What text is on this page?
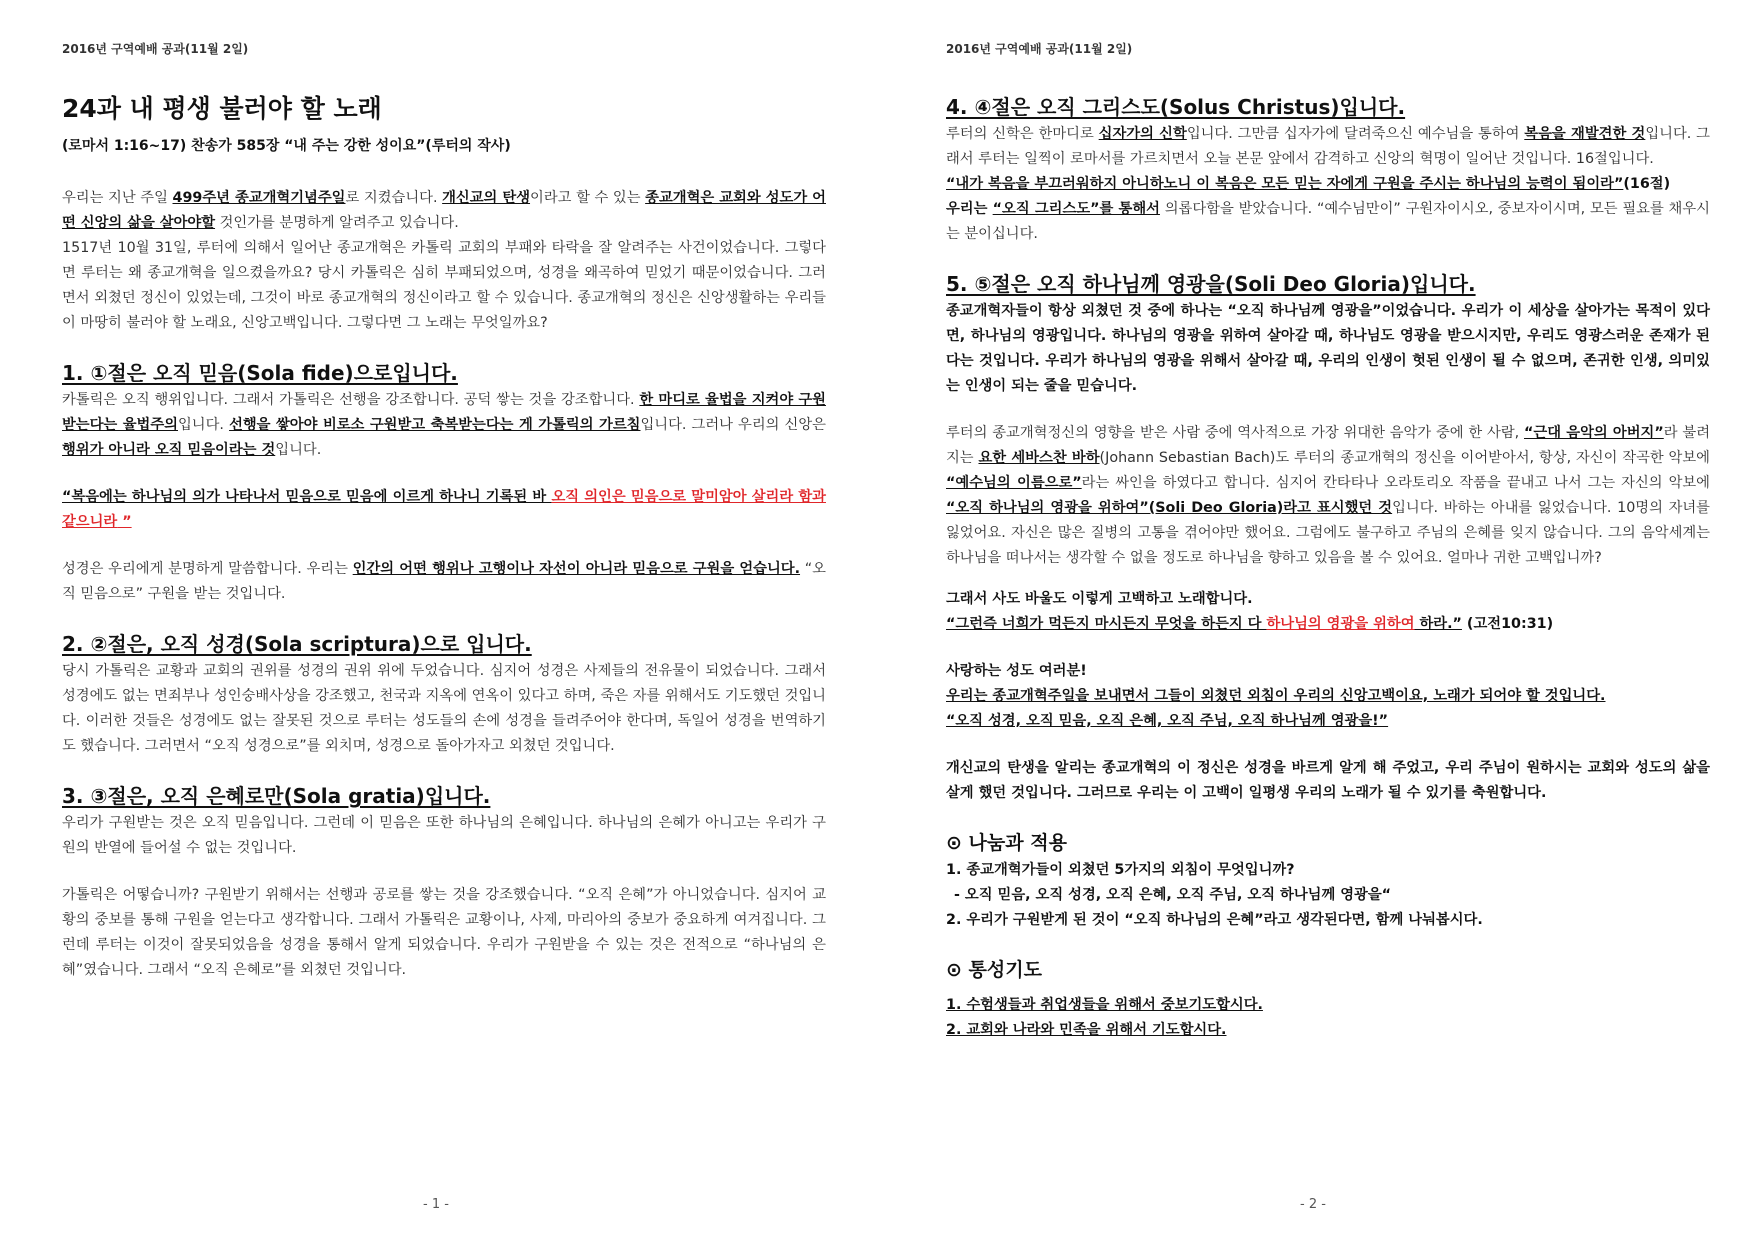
2016년 구역예배 공과(11월 2일)
24과 내 평생 불러야 할 노래
(로마서 1:16~17) 찬송가 585장 “내 주는 강한 성이요”(루터의 작사)

우리는 지난 주일 499주년 종교개혁기념주일로 지켰습니다. 개신교의 탄생이라고 할 수 있는 종교개혁은 교회와 성도가 어떤 신앙의 삶을 살아야할 것인가를 분명하게 알려주고 있습니다.

1517년 10월 31일, 루터에 의해서 일어난 종교개혁은 카톨릭 교회의 부패와 타락을 잘 알려주는 사건이었습니다. 그렇다면 루터는 왜 종교개혁을 일으켰을까요? 당시 카톨릭은 심히 부패되었으며, 성경을 왜곡하여 믿었기 때문이었습니다. 그러면서 외쳤던 정신이 있었는데, 그것이 바로 종교개혁의 정신이라고 할 수 있습니다. 종교개혁의 정신은 신앙생활하는 우리들이 마땅히 불러야 할 노래요, 신앙고백입니다. 그렇다면 그 노래는 무엇일까요?

1. ①절은 오직 믿음(Sola fide)으로입니다.

카톨릭은 오직 행위입니다. 그래서 가톨릭은 선행을 강조합니다. 공덕 쌓는 것을 강조합니다. 한 마디로 율법을 지켜야 구원 받는다는 율법주의입니다. 선행을 쌓아야 비로소 구원받고 축복받는다는 게 가톨릭의 가르침입니다. 그러나 우리의 신앙은 행위가 아니라 오직 믿음이라는 것입니다.

“복음에는 하나님의 의가 나타나서 믿음으로 믿음에 이르게 하나니 기록된 바 오직 의인은 믿음으로 말미암아 살리라 함과 같으니라 ”

성경은 우리에게 분명하게 말씀합니다. 우리는 인간의 어떤 행위나 고행이나 자선이 아니라 믿음으로 구원을 얻습니다. “오직 믿음으로” 구원을 받는 것입니다.

2. ②절은, 오직 성경(Sola scriptura)으로 입니다.

당시 가톨릭은 교황과 교회의 권위를 성경의 권위 위에 두었습니다. 심지어 성경은 사제들의 전유물이 되었습니다. 그래서 성경에도 없는 면죄부나 성인숭배사상을 강조했고, 천국과 지옥에 연옥이 있다고 하며, 죽은 자를 위해서도 기도했던 것입니다. 이러한 것들은 성경에도 없는 잘못된 것으로 루터는 성도들의 손에 성경을 들려주어야 한다며, 독일어 성경을 번역하기도 했습니다. 그러면서 “오직 성경으로”를 외치며, 성경으로 돌아가자고 외쳤던 것입니다.

3. ③절은, 오직 은혜로만(Sola gratia)입니다.

우리가 구원받는 것은 오직 믿음입니다. 그런데 이 믿음은 또한 하나님의 은혜입니다. 하나님의 은혜가 아니고는 우리가 구원의 반열에 들어설 수 없는 것입니다.

가톨릭은 어떻습니까? 구원받기 위해서는 선행과 공로를 쌓는 것을 강조했습니다. “오직 은혜”가 아니었습니다. 심지어 교황의 중보를 통해 구원을 얻는다고 생각합니다. 그래서 가톨릭은 교황이나, 사제, 마리아의 중보가 중요하게 여겨집니다. 그런데 루터는 이것이 잘못되었음을 성경을 통해서 알게 되었습니다. 우리가 구원받을 수 있는 것은 전적으로 “하나님의 은혜”였습니다. 그래서 “오직 은혜로”를 외쳤던 것입니다.

- 1 -
2016년 구역예배 공과(11월 2일)
4. ④절은 오직 그리스도(Solus Christus)입니다.

루터의 신학은 한마디로 십자가의 신학입니다. 그만큼 십자가에 달려죽으신 예수님을 통하여 복음을 재발견한 것입니다. 그래서 루터는 일찍이 로마서를 가르치면서 오늘 본문 앞에서 감격하고 신앙의 혁명이 일어난 것입니다. 16절입니다.

“내가 복음을 부끄러워하지 아니하노니 이 복음은 모든 믿는 자에게 구원을 주시는 하나님의 능력이 됨이라”(16절)

우리는 “오직 그리스도”를 통해서 의롭다함을 받았습니다. “예수님만이” 구원자이시오, 중보자이시며, 모든 필요를 채우시는 분이십니다.

5. ⑤절은 오직 하나님께 영광을(Soli Deo Gloria)입니다.

종교개혁자들이 항상 외쳤던 것 중에 하나는 “오직 하나님께 영광을”이었습니다. 우리가 이 세상을 살아가는 목적이 있다면, 하나님의 영광입니다. 하나님의 영광을 위하여 살아갈 때, 하나님도 영광을 받으시지만, 우리도 영광스러운 존재가 된다는 것입니다. 우리가 하나님의 영광을 위해서 살아갈 때, 우리의 인생이 헛된 인생이 될 수 없으며, 존귀한 인생, 의미있는 인생이 되는 줄을 믿습니다.

루터의 종교개혁정신의 영향을 받은 사람 중에 역사적으로 가장 위대한 음악가 중에 한 사람, “근대 음악의 아버지”라 불려지는 요한 세바스찬 바하(Johann Sebastian Bach)도 루터의 종교개혁의 정신을 이어받아서, 항상, 자신이 작곡한 악보에 “예수님의 이름으로”라는 싸인을 하였다고 합니다. 심지어 칸타타나 오라토리오 작품을 끝내고 나서 그는 자신의 악보에 “오직 하나님의 영광을 위하여”(Soli Deo Gloria)라고 표시했던 것입니다. 바하는 아내를 잃었습니다. 10명의 자녀를 잃었어요. 자신은 많은 질병의 고통을 겪어야만 했어요. 그럼에도 불구하고 주님의 은혜를 잊지 않습니다. 그의 음악세계는 하나님을 떠나서는 생각할 수 없을 정도로 하나님을 향하고 있음을 볼 수 있어요. 얼마나 귀한 고백입니까?

그래서 사도 바울도 이렇게 고백하고 노래합니다.

“그런즉 너희가 먹든지 마시든지 무엇을 하든지 다 하나님의 영광을 위하여 하라.” (고전10:31)

사랑하는 성도 여러분!

우리는 종교개혁주일을 보내면서 그들이 외쳤던 외침이 우리의 신앙고백이요, 노래가 되어야 할 것입니다.

“오직 성경, 오직 믿음, 오직 은혜, 오직 주님, 오직 하나님께 영광을!”

개신교의 탄생을 알리는 종교개혁의 이 정신은 성경을 바르게 알게 해 주었고, 우리 주님이 원하시는 교회와 성도의 삶을 살게 했던 것입니다. 그러므로 우리는 이 고백이 일평생 우리의 노래가 될 수 있기를 축원합니다.

⊙ 나눔과 적용

1. 종교개혁가들이 외쳤던 5가지의 외침이 무엇입니까?

- 오직 믿음, 오직 성경, 오직 은혜, 오직 주님, 오직 하나님께 영광을“

2. 우리가 구원받게 된 것이 “오직 하나님의 은혜”라고 생각된다면, 함께 나눠봅시다.

⊙ 통성기도

1. 수험생들과 취업생들을 위해서 중보기도합시다.

2. 교회와 나라와 민족을 위해서 기도합시다.

- 2 -
